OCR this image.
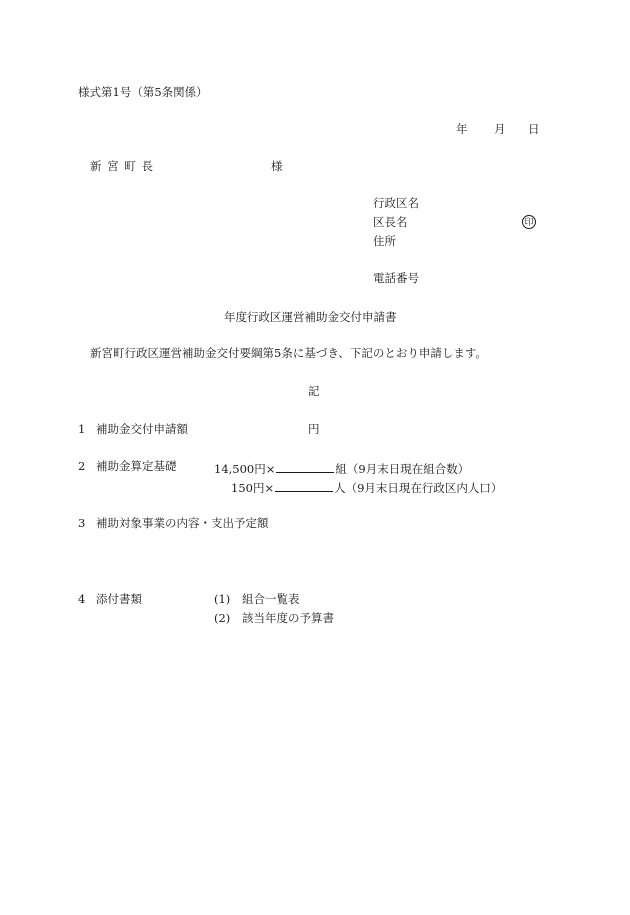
様式第1号（第5条関係）
年 月 日
新 宮 町 長	様
行政区名
区長名	印
住所
電話番号
年度行政区運営補助金交付申請書
新宮町行政区運営補助金交付要綱第5条に基づき、下記のとおり申請します。
記
1 補助金交付申請額	円
2 補助金算定基礎	14,500円×	組（9月末日現在組合数）
150円×	人（9月末日現在行政区内人口）
3 補助対象事業の内容・支出予定額
4 添付書類	(1) 組合一覧表
(2) 該当年度の予算書
